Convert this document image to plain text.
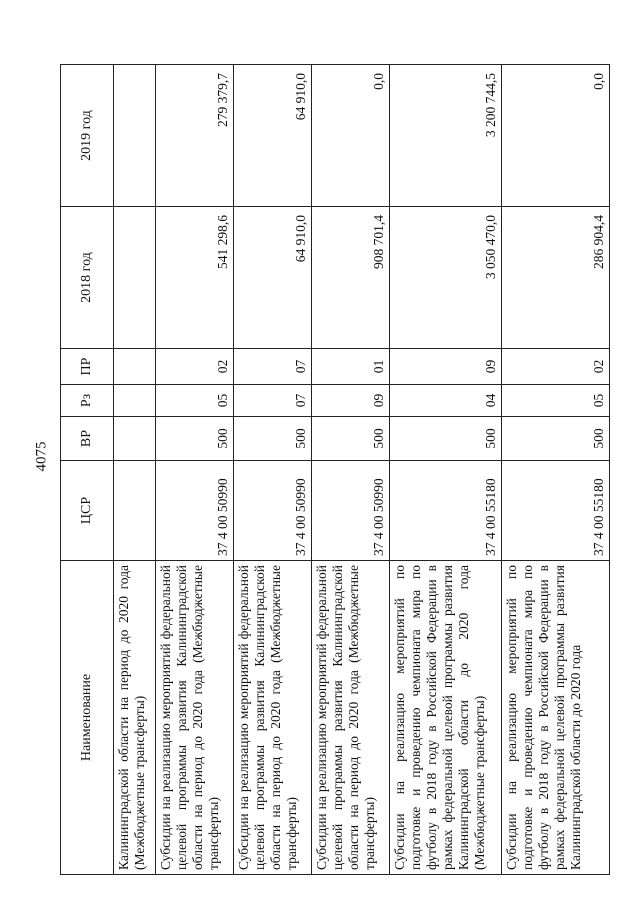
4075
Наименование	ЦСР	ВР	Рз	ПР	2018 год	2019 год
Калининградской области на период до 2020 года (Межбюджетные трансферты)						
Субсидии на реализацию мероприятий федеральной целевой программы развития Калининградской области на период до 2020 года (Межбюджетные трансферты)	37 4 00 50990	500	05	02	541 298,6	279 379,7
Субсидии на реализацию мероприятий федеральной целевой программы развития Калининградской области на период до 2020 года (Межбюджетные трансферты)	37 4 00 50990	500	07	07	64 910,0	64 910,0
Субсидии на реализацию мероприятий федеральной целевой программы развития Калининградской области на период до 2020 года (Межбюджетные трансферты)	37 4 00 50990	500	09	01	908 701,4	0,0
Субсидии на реализацию мероприятий по подготовке и проведению чемпионата мира по футболу в 2018 году в Российской Федерации в рамках федеральной целевой программы развития Калининградской области до 2020 года (Межбюджетные трансферты)	37 4 00 55180	500	04	09	3 050 470,0	3 200 744,5
Субсидии на реализацию мероприятий по подготовке и проведению чемпионата мира по футболу в 2018 году в Российской Федерации в рамках федеральной целевой программы развития Калининградской области до 2020 года	37 4 00 55180	500	05	02	286 904,4	0,0
